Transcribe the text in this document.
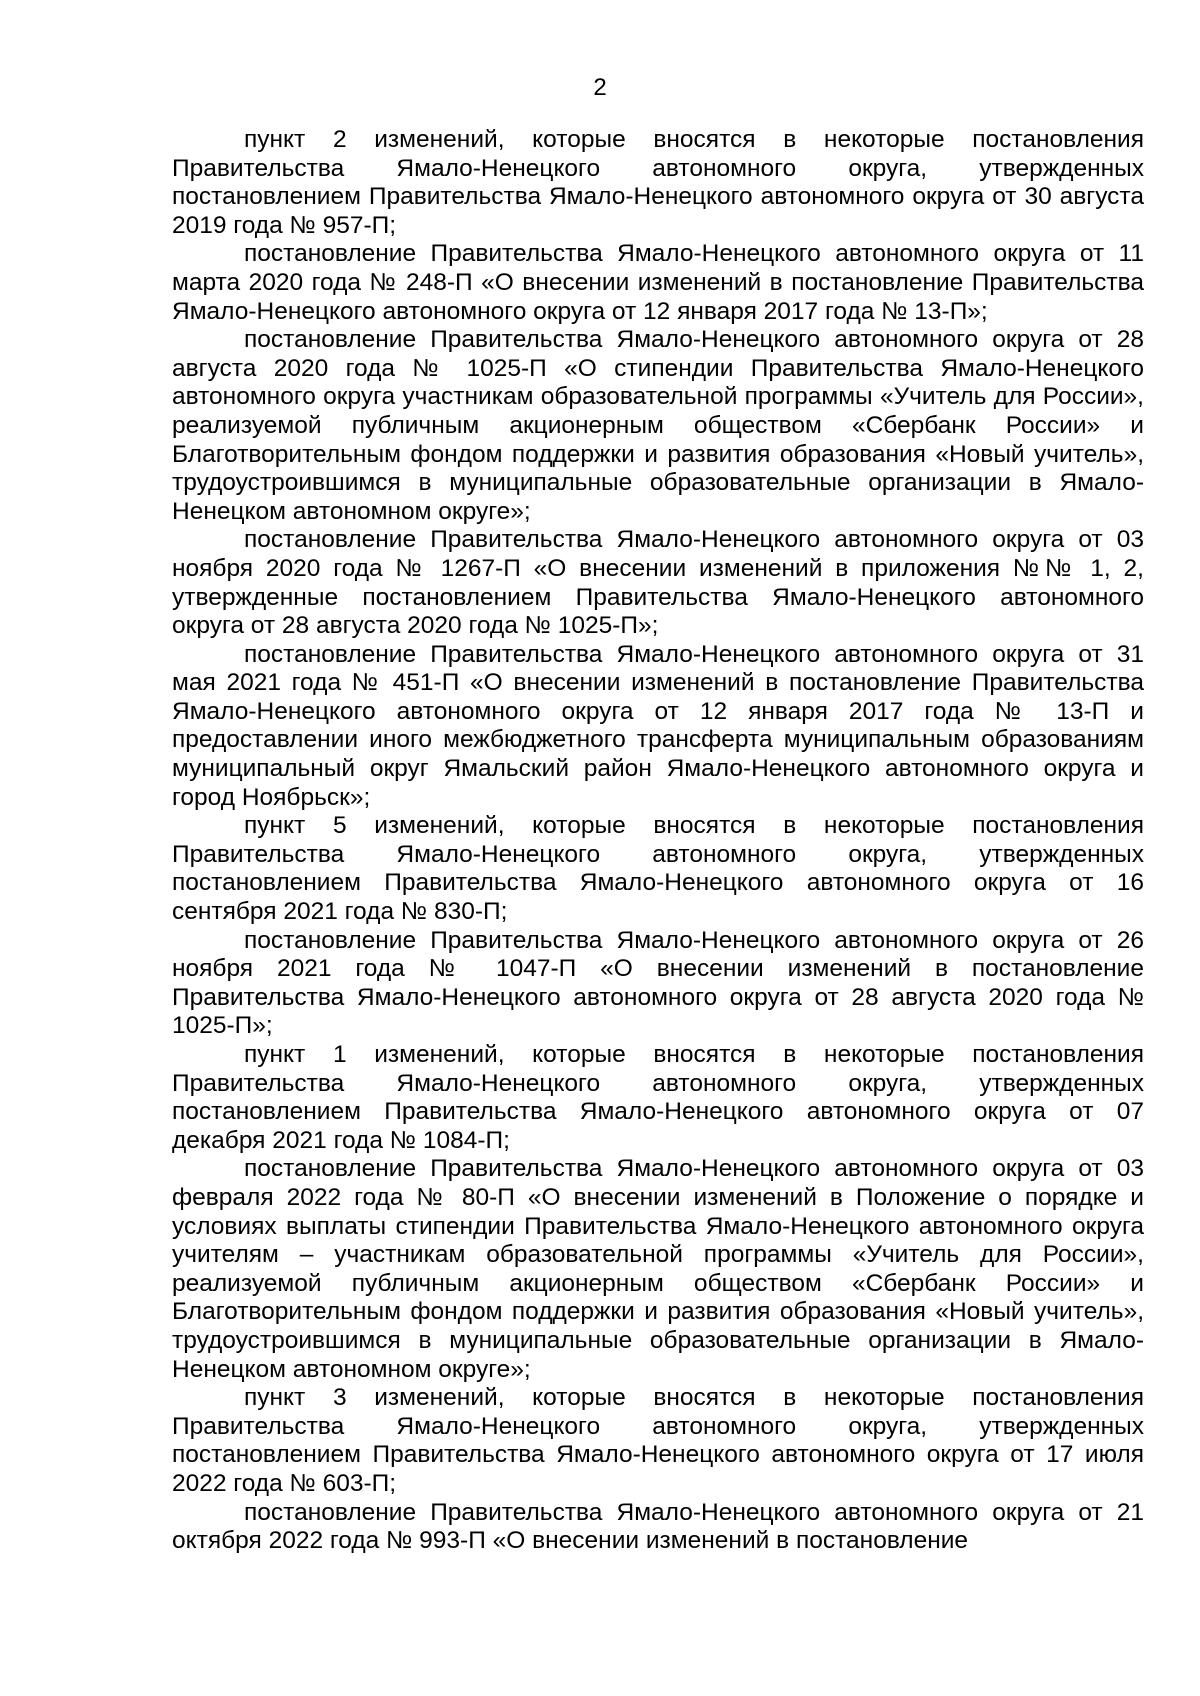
2

пункт 2 изменений, которые вносятся в некоторые постановления Правительства Ямало-Ненецкого автономного округа, утвержденных постановлением Правительства Ямало-Ненецкого автономного округа от 30 августа 2019 года № 957-П;

постановление Правительства Ямало-Ненецкого автономного округа от 11 марта 2020 года № 248-П «О внесении изменений в постановление Правительства Ямало-Ненецкого автономного округа от 12 января 2017 года № 13-П»;

постановление Правительства Ямало-Ненецкого автономного округа от 28 августа 2020 года № 1025-П «О стипендии Правительства Ямало-Ненецкого автономного округа участникам образовательной программы «Учитель для России», реализуемой публичным акционерным обществом «Сбербанк России» и Благотворительным фондом поддержки и развития образования «Новый учитель», трудоустроившимся в муниципальные образовательные организации в Ямало-Ненецком автономном округе»;

постановление Правительства Ямало-Ненецкого автономного округа от 03 ноября 2020 года № 1267-П «О внесении изменений в приложения №№ 1, 2, утвержденные постановлением Правительства Ямало-Ненецкого автономного округа от 28 августа 2020 года № 1025-П»;

постановление Правительства Ямало-Ненецкого автономного округа от 31 мая 2021 года № 451-П «О внесении изменений в постановление Правительства Ямало-Ненецкого автономного округа от 12 января 2017 года № 13-П и предоставлении иного межбюджетного трансферта муниципальным образованиям муниципальный округ Ямальский район Ямало-Ненецкого автономного округа и город Ноябрьск»;

пункт 5 изменений, которые вносятся в некоторые постановления Правительства Ямало-Ненецкого автономного округа, утвержденных постановлением Правительства Ямало-Ненецкого автономного округа от 16 сентября 2021 года № 830-П;

постановление Правительства Ямало-Ненецкого автономного округа от 26 ноября 2021 года № 1047-П «О внесении изменений в постановление Правительства Ямало-Ненецкого автономного округа от 28 августа 2020 года № 1025-П»;

пункт 1 изменений, которые вносятся в некоторые постановления Правительства Ямало-Ненецкого автономного округа, утвержденных постановлением Правительства Ямало-Ненецкого автономного округа от 07 декабря 2021 года № 1084-П;

постановление Правительства Ямало-Ненецкого автономного округа от 03 февраля 2022 года № 80-П «О внесении изменений в Положение о порядке и условиях выплаты стипендии Правительства Ямало-Ненецкого автономного округа учителям – участникам образовательной программы «Учитель для России», реализуемой публичным акционерным обществом «Сбербанк России» и Благотворительным фондом поддержки и развития образования «Новый учитель», трудоустроившимся в муниципальные образовательные организации в Ямало-Ненецком автономном округе»;

пункт 3 изменений, которые вносятся в некоторые постановления Правительства Ямало-Ненецкого автономного округа, утвержденных постановлением Правительства Ямало-Ненецкого автономного округа от 17 июля 2022 года № 603-П;

постановление Правительства Ямало-Ненецкого автономного округа от 21 октября 2022 года № 993-П «О внесении изменений в постановление
